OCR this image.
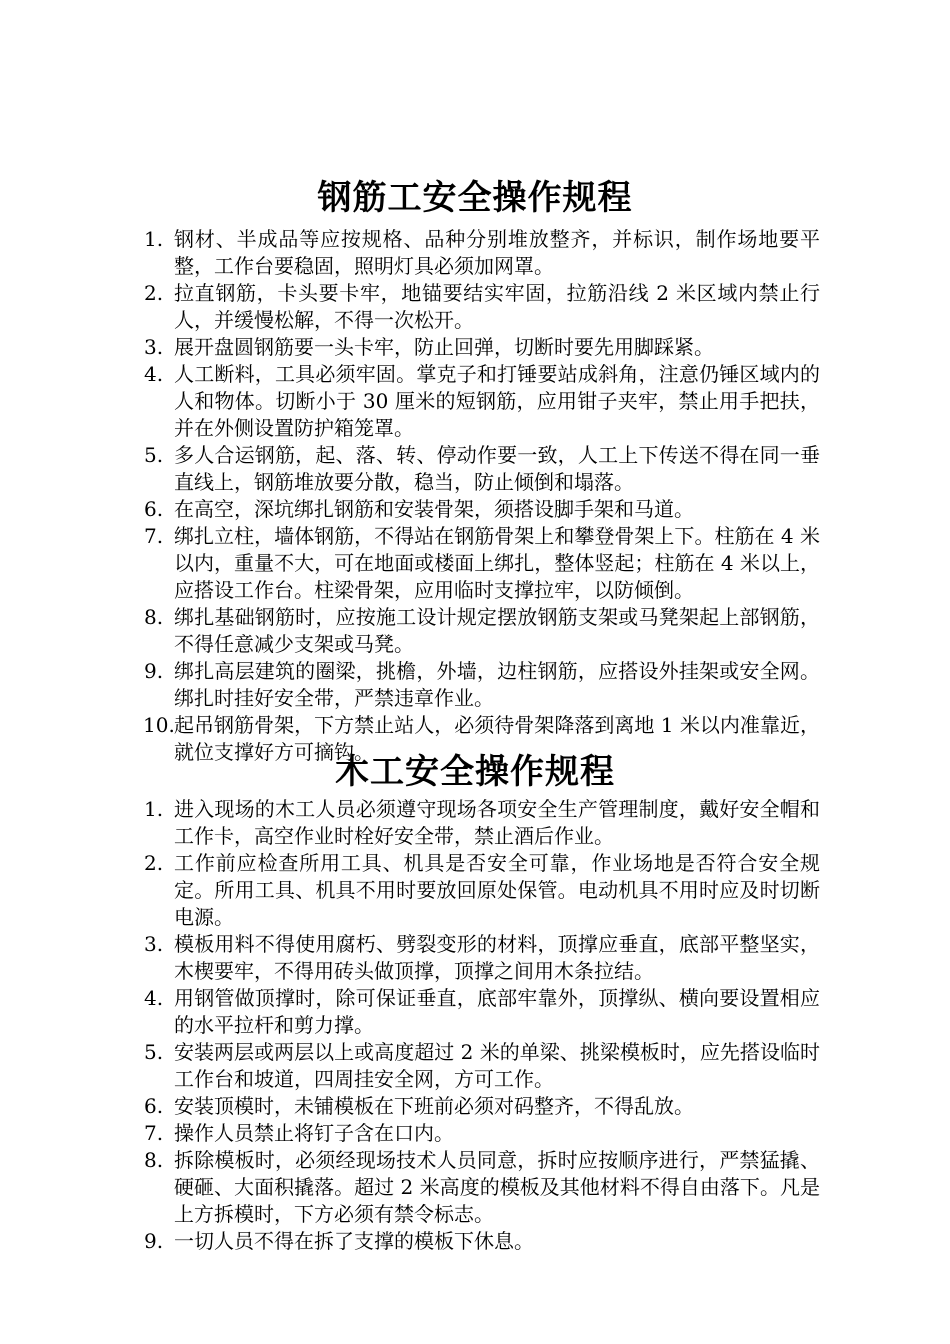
钢筋工安全操作规程
1. 钢材、半成品等应按规格、品种分别堆放整齐，并标识，制作场地要平整，工作台要稳固，照明灯具必须加网罩。
2. 拉直钢筋，卡头要卡牢，地锚要结实牢固，拉筋沿线 2 米区域内禁止行人，并缓慢松解，不得一次松开。
3. 展开盘圆钢筋要一头卡牢，防止回弹，切断时要先用脚踩紧。
4. 人工断料，工具必须牢固。掌克子和打锤要站成斜角，注意仍锤区域内的人和物体。切断小于 30 厘米的短钢筋，应用钳子夹牢，禁止用手把扶，并在外侧设置防护箱笼罩。
5. 多人合运钢筋，起、落、转、停动作要一致，人工上下传送不得在同一垂直线上，钢筋堆放要分散，稳当，防止倾倒和塌落。
6. 在高空，深坑绑扎钢筋和安装骨架，须搭设脚手架和马道。
7. 绑扎立柱，墙体钢筋，不得站在钢筋骨架上和攀登骨架上下。柱筋在 4 米以内，重量不大，可在地面或楼面上绑扎，整体竖起；柱筋在 4 米以上，应搭设工作台。柱梁骨架，应用临时支撑拉牢，以防倾倒。
8. 绑扎基础钢筋时，应按施工设计规定摆放钢筋支架或马凳架起上部钢筋，不得任意减少支架或马凳。
9. 绑扎高层建筑的圈梁，挑檐，外墙，边柱钢筋，应搭设外挂架或安全网。绑扎时挂好安全带，严禁违章作业。
10. 起吊钢筋骨架，下方禁止站人，必须待骨架降落到离地 1 米以内准靠近，就位支撑好方可摘钩。
木工安全操作规程
1. 进入现场的木工人员必须遵守现场各项安全生产管理制度，戴好安全帽和工作卡，高空作业时栓好安全带，禁止酒后作业。
2. 工作前应检查所用工具、机具是否安全可靠，作业场地是否符合安全规定。所用工具、机具不用时要放回原处保管。电动机具不用时应及时切断电源。
3. 模板用料不得使用腐朽、劈裂变形的材料，顶撑应垂直，底部平整坚实，木楔要牢，不得用砖头做顶撑，顶撑之间用木条拉结。
4. 用钢管做顶撑时，除可保证垂直，底部牢靠外，顶撑纵、横向要设置相应的水平拉杆和剪力撑。
5. 安装两层或两层以上或高度超过 2 米的单梁、挑梁模板时，应先搭设临时工作台和坡道，四周挂安全网，方可工作。
6. 安装顶模时，未铺模板在下班前必须对码整齐，不得乱放。
7. 操作人员禁止将钉子含在口内。
8. 拆除模板时，必须经现场技术人员同意，拆时应按顺序进行，严禁猛撬、硬砸、大面积撬落。超过 2 米高度的模板及其他材料不得自由落下。凡是上方拆模时，下方必须有禁令标志。
9. 一切人员不得在拆了支撑的模板下休息。
